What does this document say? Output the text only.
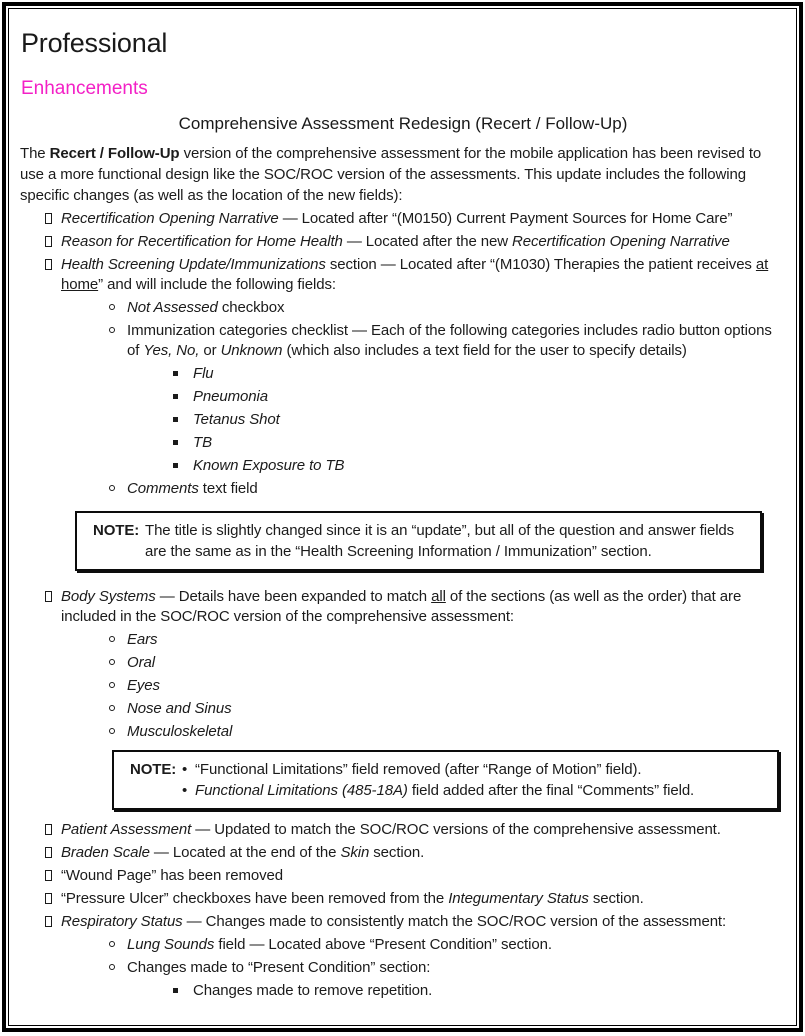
Professional
Enhancements
Comprehensive Assessment Redesign (Recert / Follow-Up)

The Recert / Follow-Up version of the comprehensive assessment for the mobile application has been revised to use a more functional design like the SOC/ROC version of the assessments. This update includes the following specific changes (as well as the location of the new fields):

Recertification Opening Narrative — Located after “(M0150) Current Payment Sources for Home Care”
Reason for Recertification for Home Health — Located after the new Recertification Opening Narrative
Health Screening Update/Immunizations section — Located after “(M1030) Therapies the patient receives at home” and will include the following fields:
Not Assessed checkbox
Immunization categories checklist — Each of the following categories includes radio button options of Yes, No, or Unknown (which also includes a text field for the user to specify details)
Flu
Pneumonia
Tetanus Shot
TB
Known Exposure to TB
Comments text field
NOTE: The title is slightly changed since it is an “update”, but all of the question and answer fields are the same as in the “Health Screening Information / Immunization” section.
Body Systems — Details have been expanded to match all of the sections (as well as the order) that are included in the SOC/ROC version of the comprehensive assessment:
Ears
Oral
Eyes
Nose and Sinus
Musculoskeletal
NOTE: • “Functional Limitations” field removed (after “Range of Motion” field).
• Functional Limitations (485-18A) field added after the final “Comments” field.
Patient Assessment — Updated to match the SOC/ROC versions of the comprehensive assessment.
Braden Scale — Located at the end of the Skin section.
“Wound Page” has been removed
“Pressure Ulcer” checkboxes have been removed from the Integumentary Status section.
Respiratory Status — Changes made to consistently match the SOC/ROC version of the assessment:
Lung Sounds field — Located above “Present Condition” section.
Changes made to “Present Condition” section:
Changes made to remove repetition.
